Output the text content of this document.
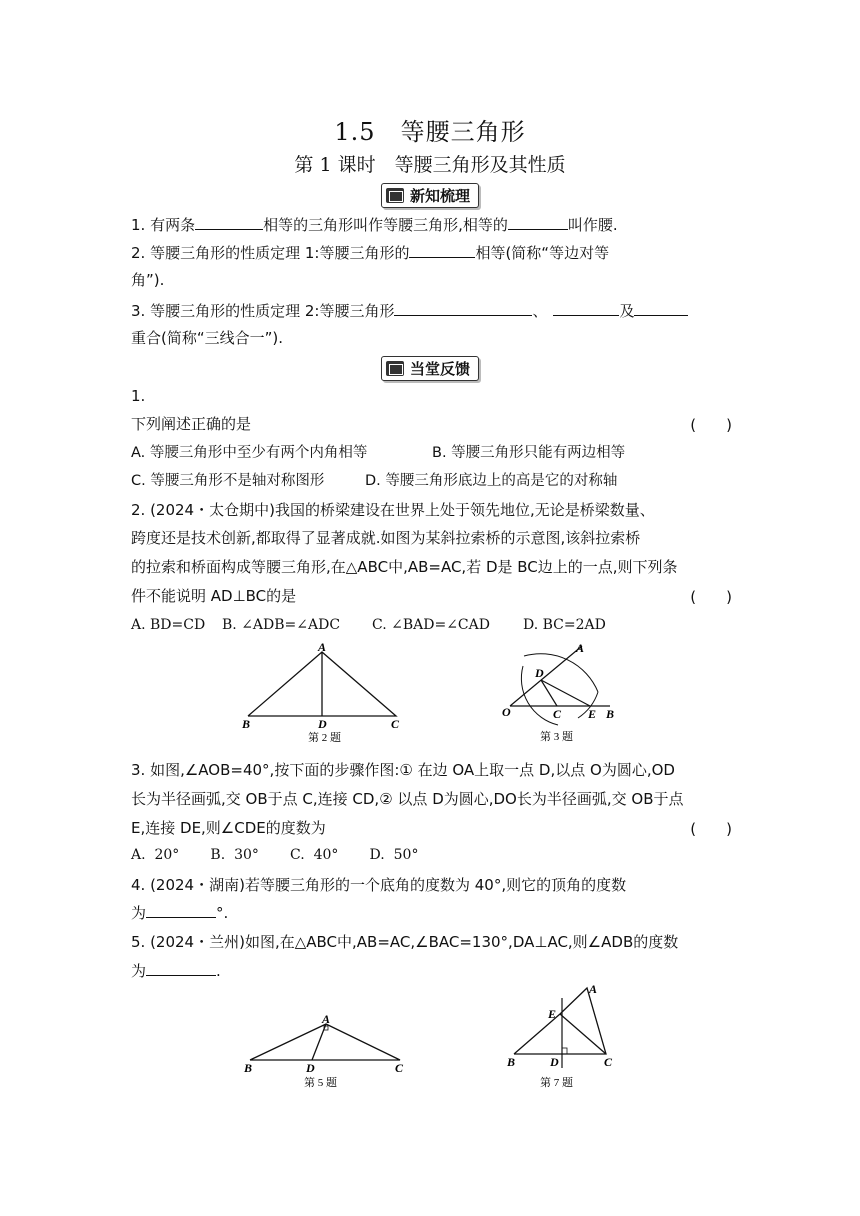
1.5　等腰三角形
第 1 课时　等腰三角形及其性质
新知梳理
1. 有两条	相等的三角形叫作等腰三角形,相等的	叫作腰.
2. 等腰三角形的性质定理 1:等腰三角形的	相等(简称“等边对等
角”).
3. 等腰三角形的性质定理 2:等腰三角形	、	及
重合(简称“三线合一”).
当堂反馈
1.
下列阐述正确的是	(　　)
A. 等腰三角形中至少有两个内角相等	B. 等腰三角形只能有两边相等
C. 等腰三角形不是轴对称图形	D. 等腰三角形底边上的高是它的对称轴
2. (2024・太仓期中)我国的桥梁建设在世界上处于领先地位,无论是桥梁数量、
跨度还是技术创新,都取得了显著成就.如图为某斜拉索桥的示意图,该斜拉索桥
的拉索和桥面构成等腰三角形,在△ABC中,AB=AC,若 D是 BC边上的一点,则下列条
件不能说明 AD⊥BC的是	(　　)
A. BD=CD B. ∠ADB=∠ADC C. ∠BAD=∠CAD D. BC=2AD
A
B	D	C
第 2 题
A
D
O	C E B
第 3 题
3. 如图,∠AOB=40°,按下面的步骤作图:① 在边 OA上取一点 D,以点 O为圆心,OD
长为半径画弧,交 OB于点 C,连接 CD,② 以点 D为圆心,DO长为半径画弧,交 OB于点
E,连接 DE,则∠CDE的度数为	(　　)
A.  20°       B.  30°       C.  40°       D.  50°
4. (2024・湖南)若等腰三角形的一个底角的度数为 40°,则它的顶角的度数
为	°.
5. (2024・兰州)如图,在△ABC中,AB=AC,∠BAC=130°,DA⊥AC,则∠ADB的度数
为	.
A
B	D	C
第 5 题
A
E
B	D	C
第 7 题
